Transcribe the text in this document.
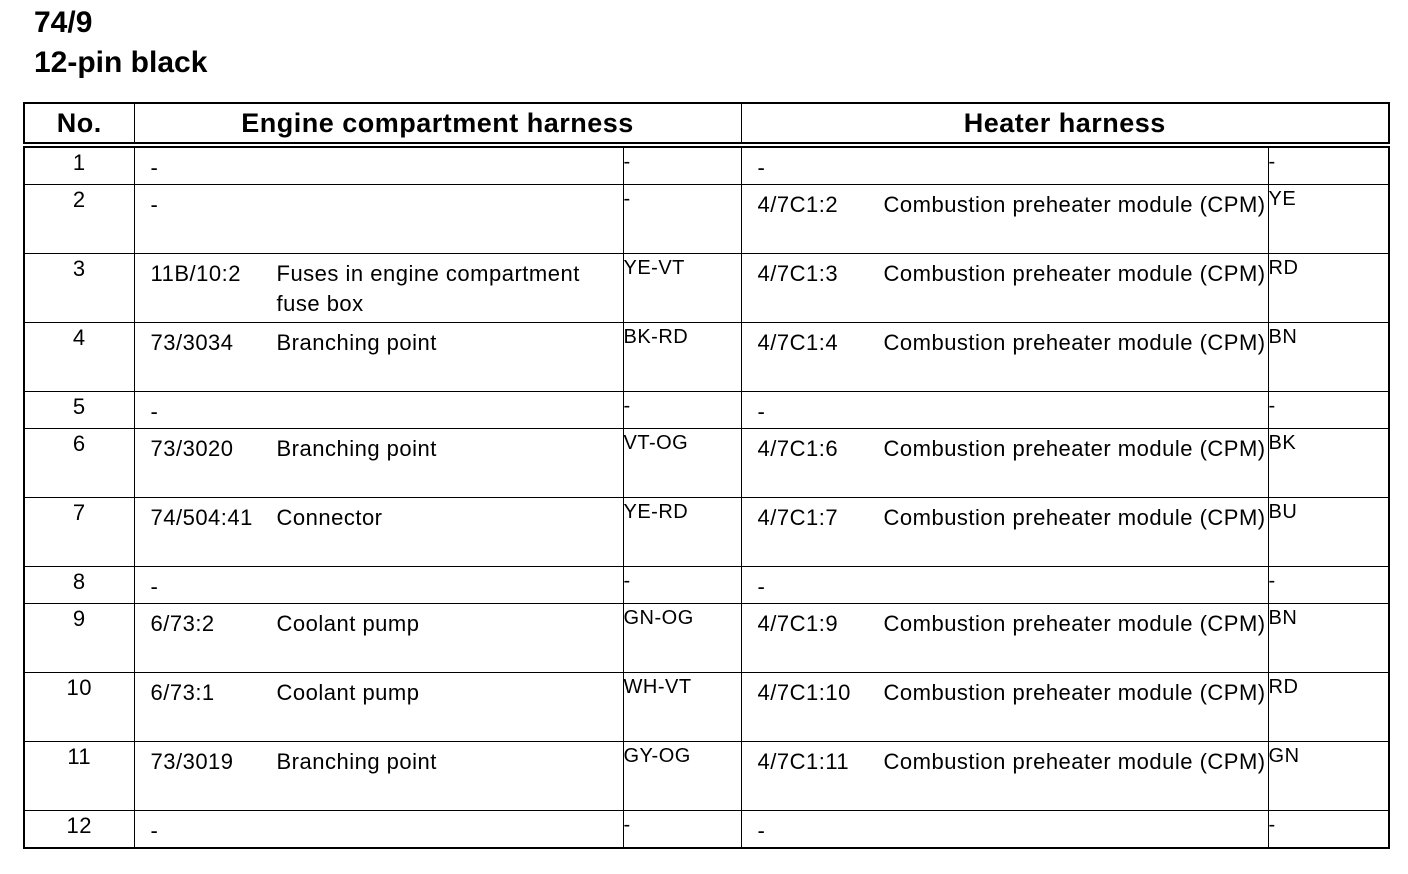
74/9
12-pin black
No.	Engine compartment harness		Heater harness	
1	-	-	-	-
2	-	-	4/7C1:2 Combustion preheater module (CPM)	YE
3	11B/10:2 Fuses in engine compartment fuse box	YE-VT	4/7C1:3 Combustion preheater module (CPM)	RD
4	73/3034 Branching point	BK-RD	4/7C1:4 Combustion preheater module (CPM)	BN
5	-	-	-	-
6	73/3020 Branching point	VT-OG	4/7C1:6 Combustion preheater module (CPM)	BK
7	74/504:41 Connector	YE-RD	4/7C1:7 Combustion preheater module (CPM)	BU
8	-	-	-	-
9	6/73:2 Coolant pump	GN-OG	4/7C1:9 Combustion preheater module (CPM)	BN
10	6/73:1 Coolant pump	WH-VT	4/7C1:10 Combustion preheater module (CPM)	RD
11	73/3019 Branching point	GY-OG	4/7C1:11 Combustion preheater module (CPM)	GN
12	-	-	-	-
